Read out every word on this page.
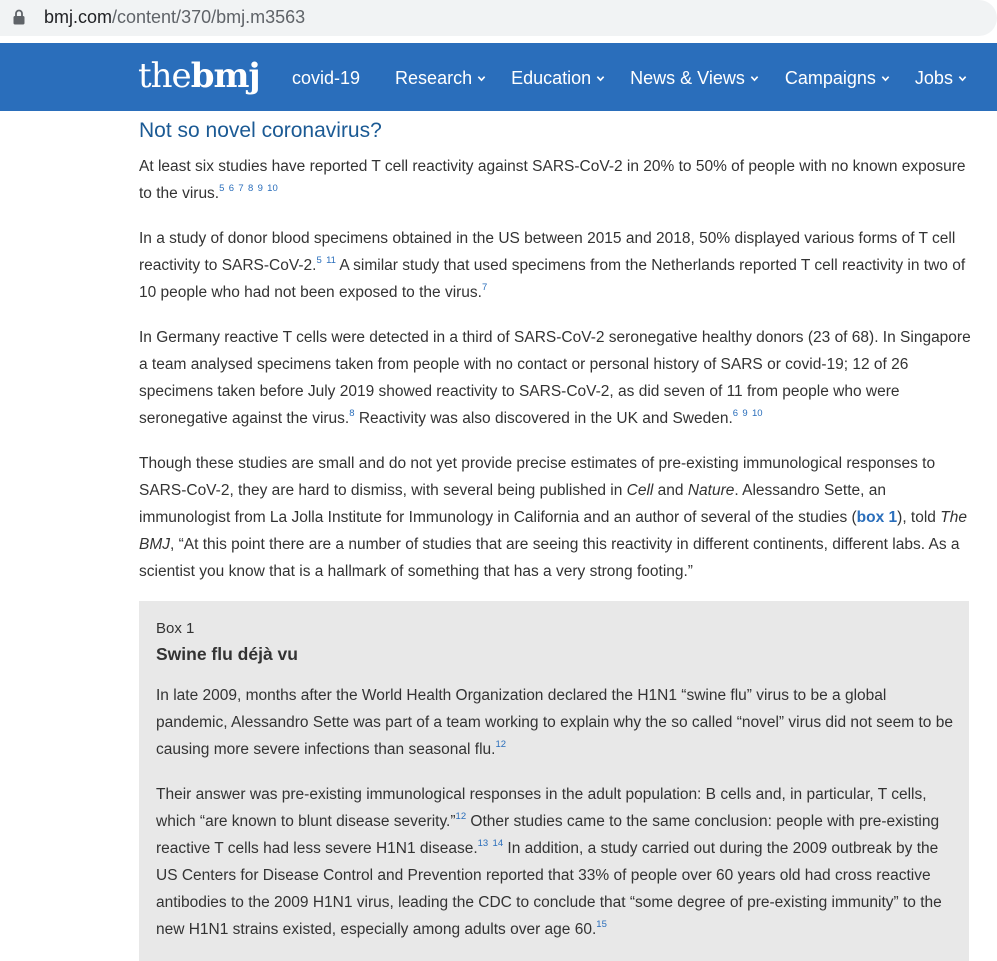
bmj.com/content/370/bmj.m3563
thebmj covid-19 Research Education News & Views Campaigns Jobs
Not so novel coronavirus?

At least six studies have reported T cell reactivity against SARS-CoV-2 in 20% to 50% of people with no known exposure to the virus.$^5$ $^6$ $^7$ $^8$ $^9$ $^{10}$

In a study of donor blood specimens obtained in the US between 2015 and 2018, 50% displayed various forms of T cell reactivity to SARS-CoV-2.$^5$ $^{11}$ A similar study that used specimens from the Netherlands reported T cell reactivity in two of 10 people who had not been exposed to the virus.$^7$

In Germany reactive T cells were detected in a third of SARS-CoV-2 seronegative healthy donors (23 of 68). In Singapore a team analysed specimens taken from people with no contact or personal history of SARS or covid-19; 12 of 26 specimens taken before July 2019 showed reactivity to SARS-CoV-2, as did seven of 11 from people who were seronegative against the virus.$^8$ Reactivity was also discovered in the UK and Sweden.$^6$ $^9$ $^{10}$

Though these studies are small and do not yet provide precise estimates of pre-existing immunological responses to SARS-CoV-2, they are hard to dismiss, with several being published in Cell and Nature. Alessandro Sette, an immunologist from La Jolla Institute for Immunology in California and an author of several of the studies (box 1), told The BMJ, “At this point there are a number of studies that are seeing this reactivity in different continents, different labs. As a scientist you know that is a hallmark of something that has a very strong footing.”

Box 1
Swine flu déjà vu

In late 2009, months after the World Health Organization declared the H1N1 “swine flu” virus to be a global pandemic, Alessandro Sette was part of a team working to explain why the so called “novel” virus did not seem to be causing more severe infections than seasonal flu.$^{12}$

Their answer was pre-existing immunological responses in the adult population: B cells and, in particular, T cells, which “are known to blunt disease severity.”$^{12}$ Other studies came to the same conclusion: people with pre-existing reactive T cells had less severe H1N1 disease.$^{13}$ $^{14}$ In addition, a study carried out during the 2009 outbreak by the US Centers for Disease Control and Prevention reported that 33% of people over 60 years old had cross reactive antibodies to the 2009 H1N1 virus, leading the CDC to conclude that “some degree of pre-existing immunity” to the new H1N1 strains existed, especially among adults over age 60.15
